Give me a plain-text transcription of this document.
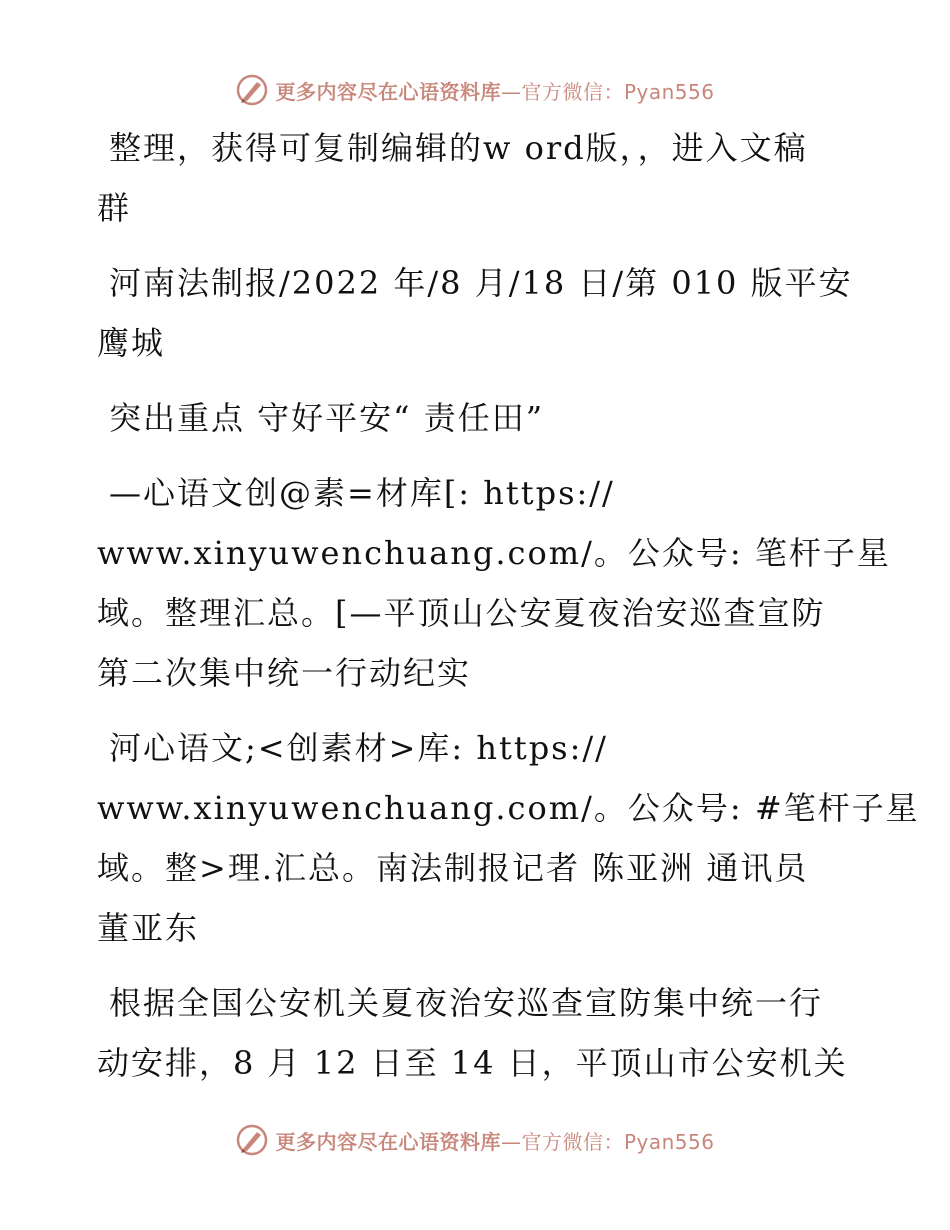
更多内容尽在心语资料库—官方微信：Pyan556
整理，获得可复制编辑的w ord版，，进入文稿
群
河南法制报/2022 年/8 月/18 日/第 010 版平安
鹰城
突出重点 守好平安“ 责任田”
—心语文创@素=材库[: https://
www.xinyuwenchuang.com/。公众号: 笔杆子星
域。整理汇总。[—平顶山公安夏夜治安巡查宣防
第二次集中统一行动纪实
河心语文;<创素材>库: https://
www.xinyuwenchuang.com/。公众号: #笔杆子星
域。整>理.汇总。南法制报记者 陈亚洲 通讯员
董亚东
根据全国公安机关夏夜治安巡查宣防集中统一行
动安排，8 月 12 日至 14 日，平顶山市公安机关
更多内容尽在心语资料库—官方微信：Pyan556
